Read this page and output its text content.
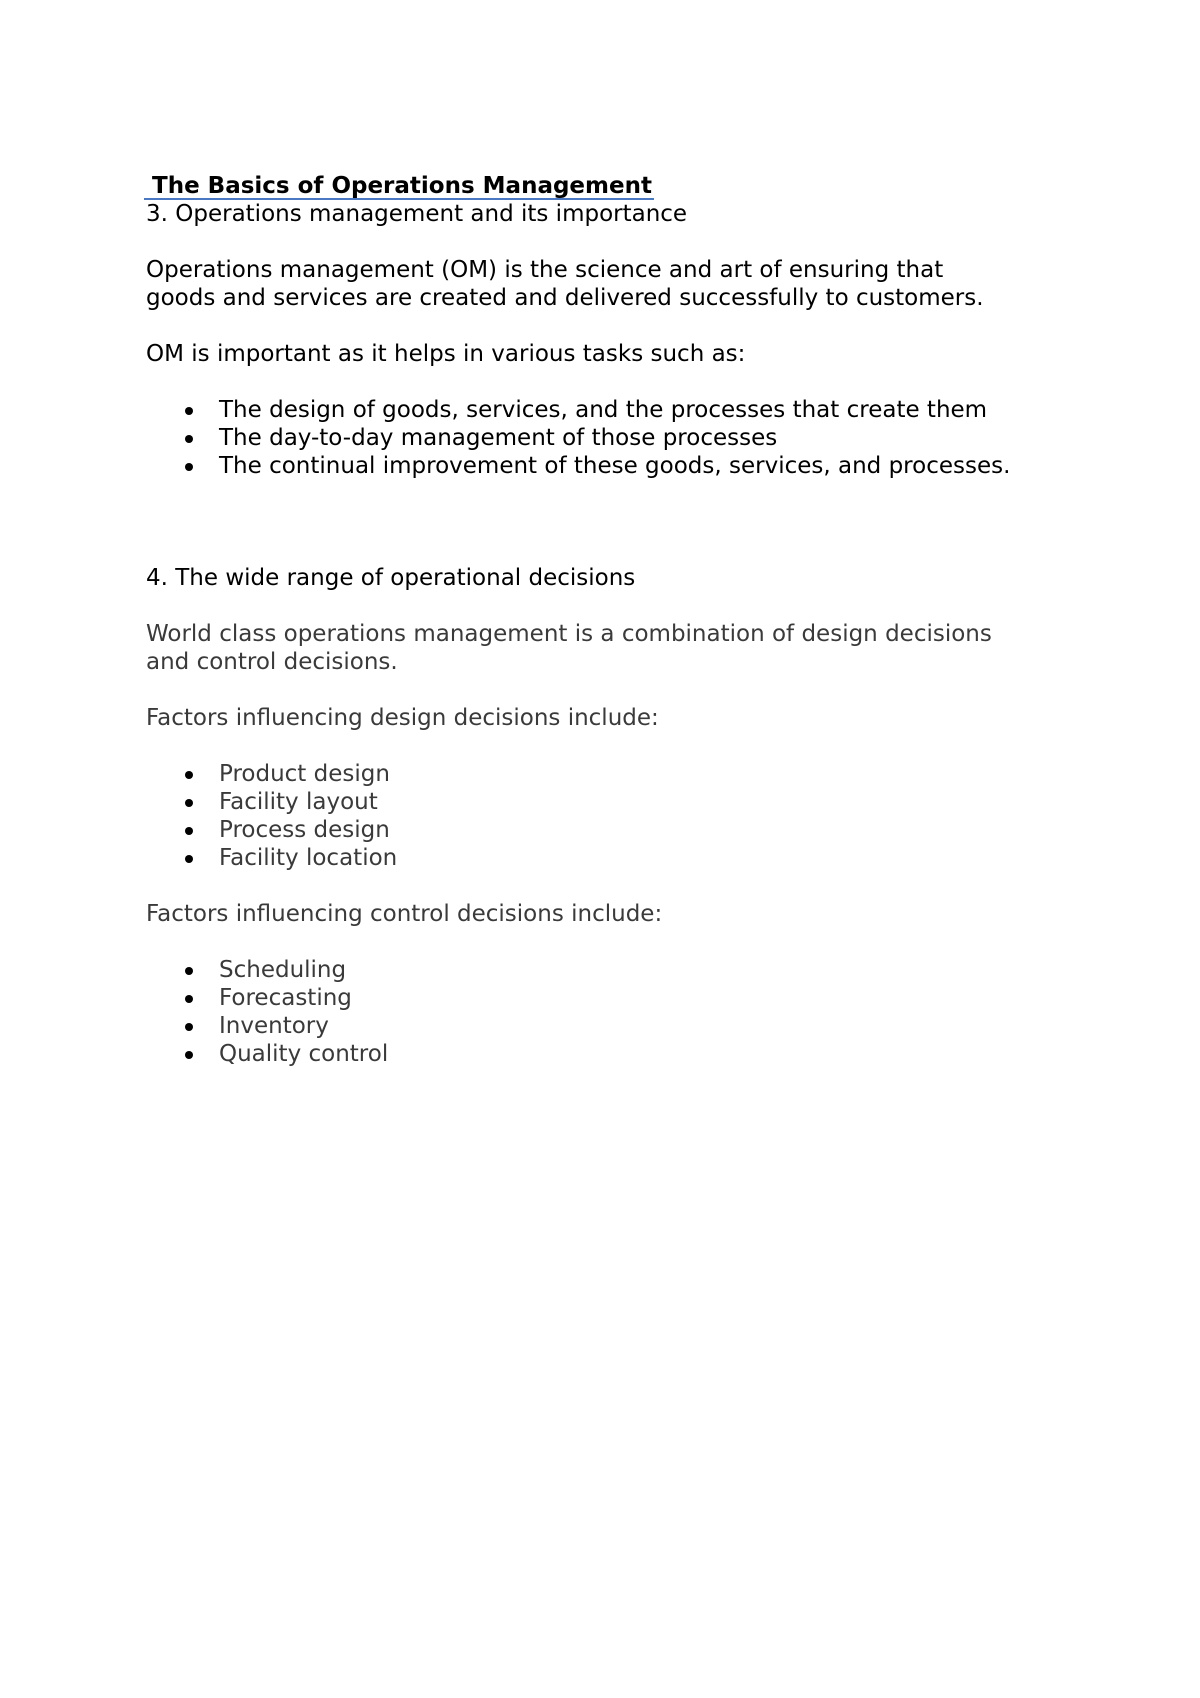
The Basics of Operations Management

3. Operations management and its importance

Operations management (OM) is the science and art of ensuring that

goods and services are created and delivered successfully to customers.

OM is important as it helps in various tasks such as:

The design of goods, services, and the processes that create them
The day-to-day management of those processes
The continual improvement of these goods, services, and processes.

4. The wide range of operational decisions

World class operations management is a combination of design decisions

and control decisions.

Factors influencing design decisions include:

Product design
Facility layout
Process design
Facility location

Factors influencing control decisions include:

Scheduling
Forecasting
Inventory
Quality control
